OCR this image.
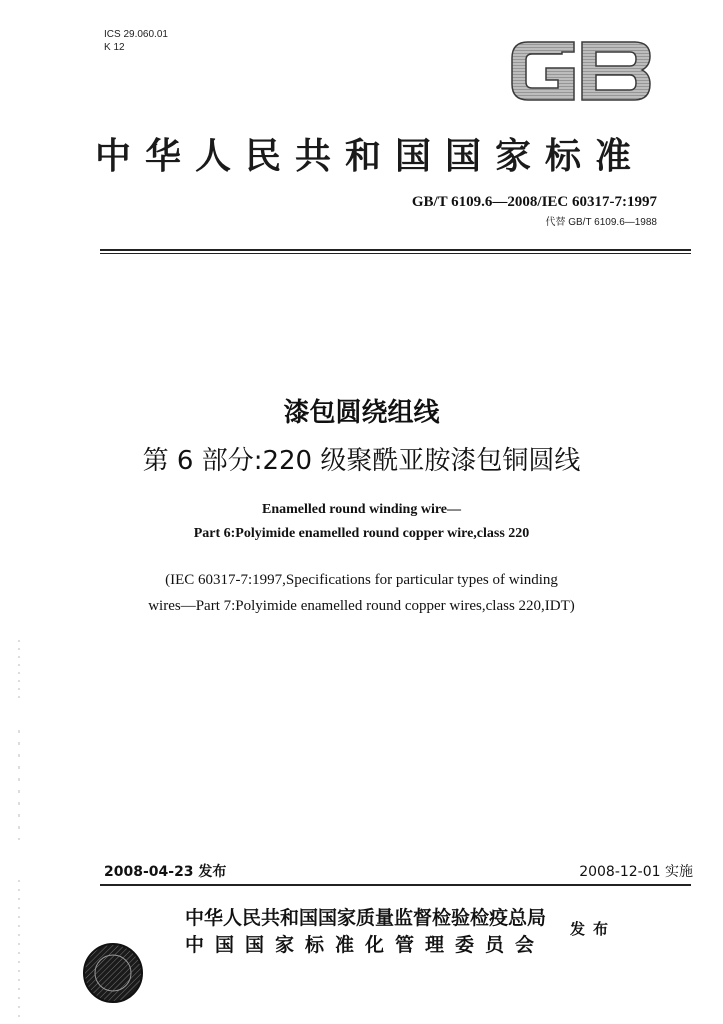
ICS 29.060.01
K 12
中华人民共和国国家标准
GB/T 6109.6—2008/IEC 60317-7:1997
代替 GB/T 6109.6—1988
漆包圆绕组线
第 6 部分:220 级聚酰亚胺漆包铜圆线
Enamelled round winding wire—
Part 6:Polyimide enamelled round copper wire,class 220
(IEC 60317-7:1997,Specifications for particular types of winding
wires—Part 7:Polyimide enamelled round copper wires,class 220,IDT)
2008-04-23 发布	2008-12-01 实施
中华人民共和国国家质量监督检验检疫总局
中国国家标准化管理委员会
发布
